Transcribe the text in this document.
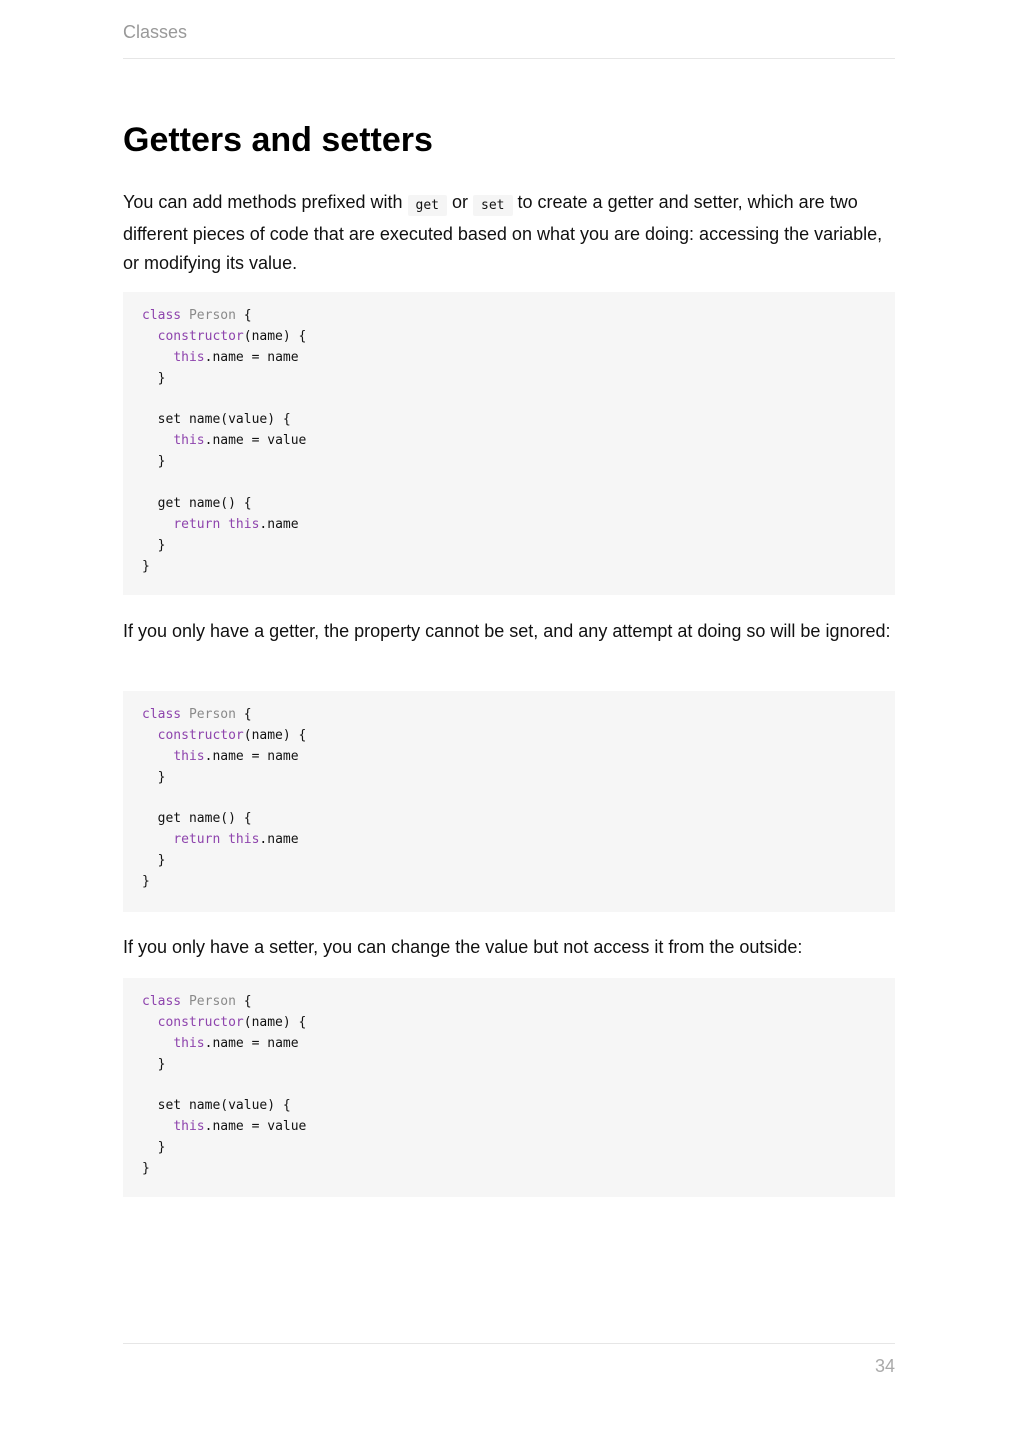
Classes
Getters and setters

You can add methods prefixed with get or set to create a getter and setter, which are two different pieces of code that are executed based on what you are doing: accessing the variable, or modifying its value.

class Person {
constructor(name) {
this.name = name
}
set name(value) {
this.name = value
}
get name() {
return this.name
}
}

If you only have a getter, the property cannot be set, and any attempt at doing so will be ignored:

class Person {
constructor(name) {
this.name = name
}
get name() {
return this.name
}
}

If you only have a setter, you can change the value but not access it from the outside:

class Person {
constructor(name) {
this.name = name
}
set name(value) {
this.name = value
}
}
34
